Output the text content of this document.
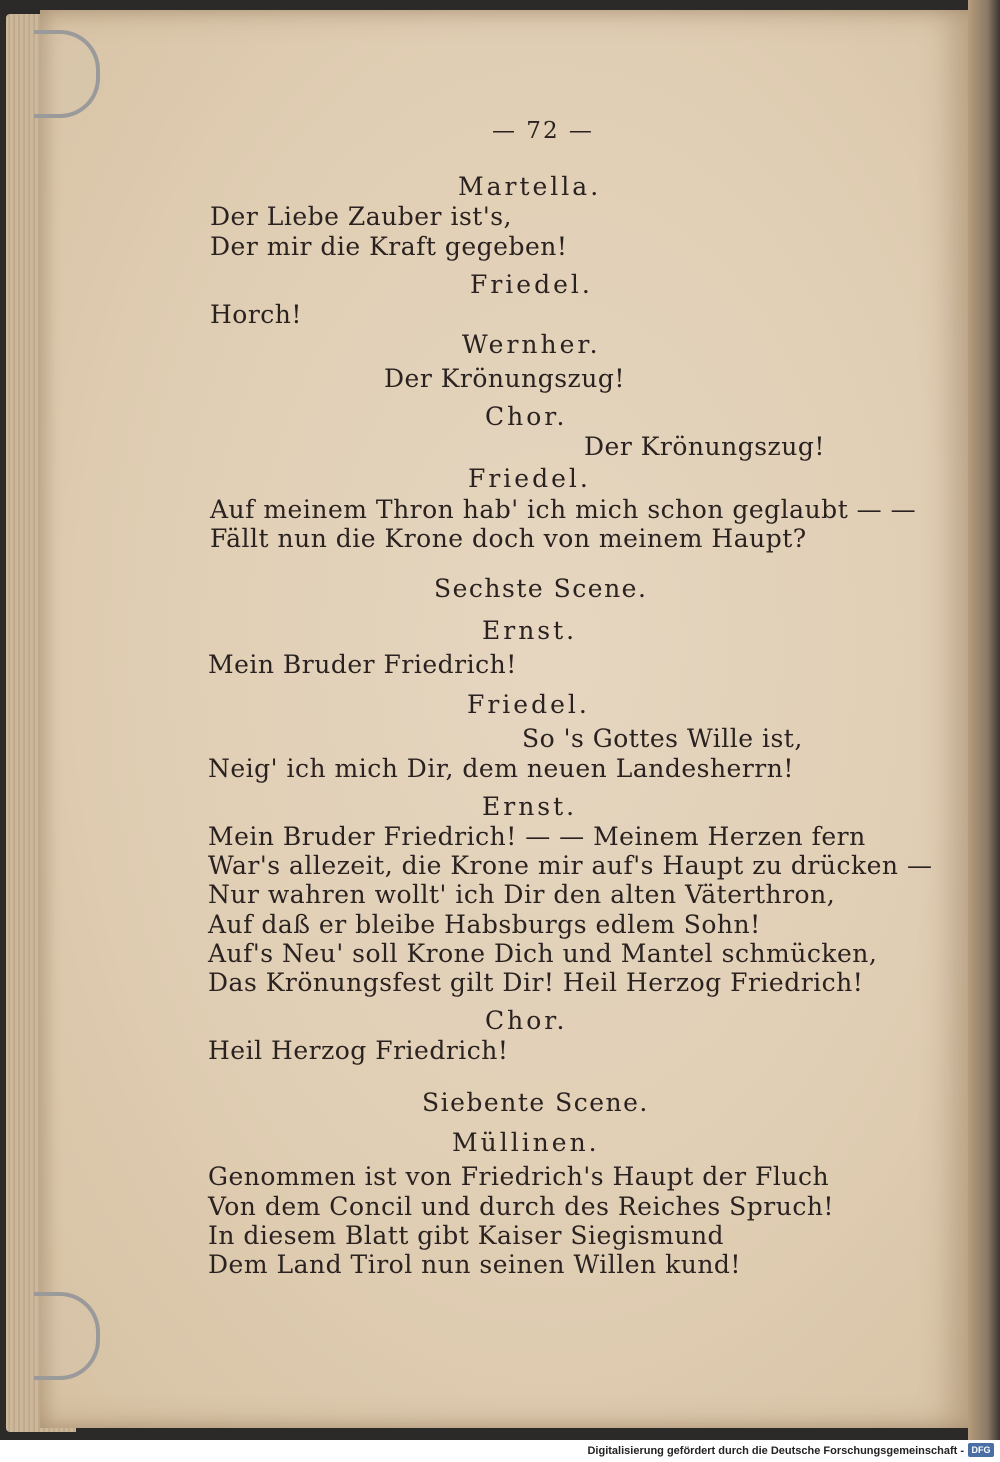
— 72 —
Martella.
Der Liebe Zauber ist's,
Der mir die Kraft gegeben!
Friedel.
Horch!
Wernher.
Der Krönungszug!
Chor.
Der Krönungszug!
Friedel.
Auf meinem Thron hab' ich mich schon geglaubt — —
Fällt nun die Krone doch von meinem Haupt?
Sechste Scene.
Ernst.
Mein Bruder Friedrich!
Friedel.
So 's Gottes Wille ist,
Neig' ich mich Dir, dem neuen Landesherrn!
Ernst.
Mein Bruder Friedrich! — — Meinem Herzen fern
War's allezeit, die Krone mir auf's Haupt zu drücken —
Nur wahren wollt' ich Dir den alten Väterthron,
Auf daß er bleibe Habsburgs edlem Sohn!
Auf's Neu' soll Krone Dich und Mantel schmücken,
Das Krönungsfest gilt Dir! Heil Herzog Friedrich!
Chor.
Heil Herzog Friedrich!
Siebente Scene.
Müllinen.
Genommen ist von Friedrich's Haupt der Fluch
Von dem Concil und durch des Reiches Spruch!
In diesem Blatt gibt Kaiser Siegismund
Dem Land Tirol nun seinen Willen kund!
Digitalisierung gefördert durch die Deutsche Forschungsgemeinschaft - DFG
